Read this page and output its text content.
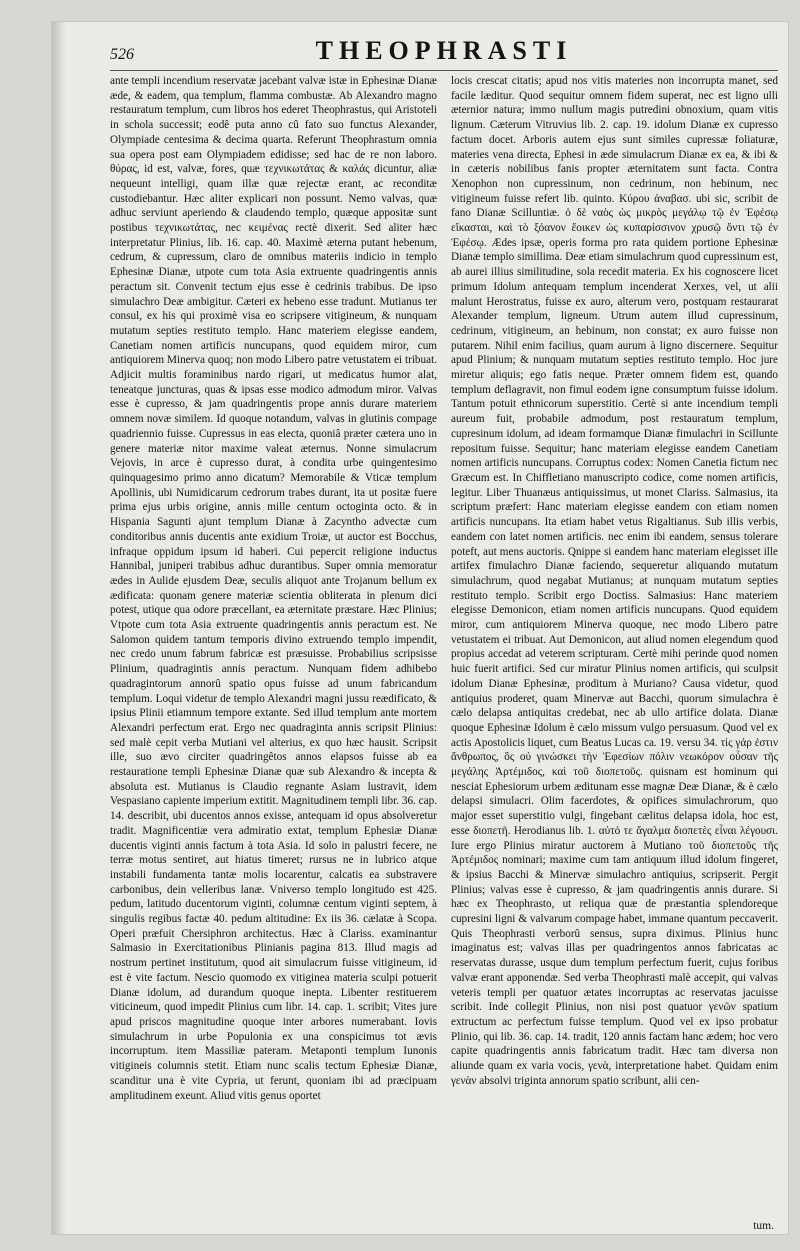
526	THEOPHRASTI

ante templi incendium reservatæ jacebant valvæ istæ in Ephesinæ Dianæ æde, & eadem, qua templum, flamma combustæ. Ab Alexandro magno restauratum templum, cum libros hos ederet Theophrastus, qui Aristoteli in schola successit; eodê puta anno cû fato suo functus Alexander, Olympiade centesima & decima quarta. Referunt Theophrastum omnia sua opera post eam Olympiadem edidisse; sed hac de re non laboro. θύρας, id est, valvæ, fores, quæ τεχνικωτάτας & καλάς dicuntur, aliæ nequeunt intelligi, quam illæ quæ rejectæ erant, ac reconditæ custodiebantur. Hæc aliter explicari non possunt. Nemo valvas, quæ adhuc serviunt aperiendo & claudendo templo, quæque appositæ sunt postibus τεχνικωτάτας, nec κειμένας rectè dixerit. Sed aliter hæc interpretatur Plinius, lib. 16. cap. 40. Maximè æterna putant hebenum, cedrum, & cupressum, claro de omnibus materiis indicio in templo Ephesinæ Dianæ, utpote cum tota Asia extruente quadringentis annis peractum sit. Convenit tectum ejus esse è cedrinis trabibus. De ipso simulachro Deæ ambigitur. Cæteri ex hebeno esse tradunt. Mutianus ter consul, ex his qui proximè visa eo scripsere vitigineum, & nunquam mutatum septies restituto templo. Hanc materiem elegisse eandem, Canetiam nomen artificis nuncupans, quod equidem miror, cum antiquiorem Minerva quoq; non modo Libero patre vetustatem ei tribuat. Adjicit multis foraminibus nardo rigari, ut medicatus humor alat, teneatque juncturas, quas & ipsas esse modico admodum miror. Valvas esse è cupresso, & jam quadringentis prope annis durare materiem omnem novæ similem. Id quoque notandum, valvas in glutinis compage quadriennio fuisse. Cupressus in eas electa, quoniâ præter cætera uno in genere materiæ nitor maxime valeat æternus. Nonne simulacrum Vejovis, in arce è cupresso durat, à condita urbe quingentesimo quinquagesimo primo anno dicatum? Memorabile & Vticæ templum Apollinis, ubi Numidicarum cedrorum trabes durant, ita ut positæ fuere prima ejus urbis origine, annis mille centum octoginta octo. & in Hispania Sagunti ajunt templum Dianæ à Zacyntho advectæ cum conditoribus annis ducentis ante exidium Troiæ, ut auctor est Bocchus, infraque oppidum ipsum id haberi. Cui pepercit religione inductus Hannibal, juniperi trabibus adhuc durantibus. Super omnia memoratur ædes in Aulide ejusdem Deæ, seculis aliquot ante Trojanum bellum ex ædificata: quonam genere materiæ scientia obliterata in plenum dici potest, utique qua odore præcellant, ea æternitate præstare. Hæc Plinius; Vtpote cum tota Asia extruente quadringentis annis peractum est. Ne Salomon quidem tantum temporis divino extruendo templo impendit, nec credo unum fabrum fabricæ est præsuisse. Probabilius scripsisse Plinium, quadragintis annis peractum. Nunquam fidem adhibebo quadragintorum annorû spatio opus fuisse ad unum fabricandum templum. Loqui videtur de templo Alexandri magni jussu reædificato, & ipsius Plinii etiamnum tempore extante. Sed illud templum ante mortem Alexandri perfectum erat. Ergo nec quadraginta annis scripsit Plinius: sed malè cepit verba Mutiani vel alterius, ex quo hæc hausit. Scripsit ille, suo ævo circiter quadringêtos annos elapsos fuisse ab ea restauratione templi Ephesinæ Dianæ quæ sub Alexandro & incepta & absoluta est. Mutianus is Claudio regnante Asiam lustravit, idem Vespasiano capiente imperium extitit. Magnitudinem templi libr. 36. cap. 14. describit, ubi ducentos annos exisse, antequam id opus absolveretur tradit. Magnificentiæ vera admiratio extat, templum Ephesiæ Dianæ ducentis viginti annis factum à tota Asia. Id solo in palustri fecere, ne terræ motus sentiret, aut hiatus timeret; rursus ne in lubrico atque instabili fundamenta tantæ molis locarentur, calcatis ea substravere carbonibus, dein velleribus lanæ. Vniverso templo longitudo est 425. pedum, latitudo ducentorum viginti, columnæ centum viginti septem, à singulis regibus factæ 40. pedum altitudine: Ex iis 36. cælatæ à Scopa. Operi præfuit Chersiphron architectus. Hæc à Clariss. examinantur Salmasio in Exercitationibus Plinianis pagina 813. Illud magis ad nostrum pertinet institutum, quod ait simulacrum fuisse vitigineum, id est è vite factum. Nescio quomodo ex vitiginea materia sculpi potuerit Dianæ idolum, ad durandum quoque inepta. Libenter restituerem viticineum, quod impedit Plinius cum libr. 14. cap. 1. scribit; Vites jure apud priscos magnitudine quoque inter arbores numerabant. Iovis simulachrum in urbe Populonia ex una conspicimus tot ævis incorruptum. item Massiliæ pateram. Metaponti templum Iunonis vitigineis columnis stetit. Etiam nunc scalis tectum Ephesiæ Dianæ, scanditur una è vite Cypria, ut ferunt, quoniam ibi ad præcipuam amplitudinem exeunt. Aliud vitis genus oportet

locis crescat citatis; apud nos vitis materies non incorrupta manet, sed facile læditur. Quod sequitur omnem fidem superat, nec est ligno ulli æternior natura; immo nullum magis putredini obnoxium, quam vitis lignum. Cæterum Vitruvius lib. 2. cap. 19. idolum Dianæ ex cupresso factum docet. Arboris autem ejus sunt similes cupressæ foliaturæ, materies vena directa, Ephesi in æde simulacrum Dianæ ex ea, & ibi & in cæteris nobilibus fanis propter æternitatem sunt facta. Contra Xenophon non cupressinum, non cedrinum, non hebinum, nec vitigineum fuisse refert lib. quinto. Κύρου ἀναβασ. ubi sic, scribit de fano Dianæ Scilluntiæ. ὁ δὲ ναὸς ὡς μικρὸς μεγάλῳ τῷ ἐν Ἐφέσῳ εἴκασται, καὶ τὸ ξόανον ἔοικεν ὡς κυπαρίσσινον χρυσῷ ὄντι τῷ ἐν Ἐφέσῳ. Ædes ipsæ, operis forma pro rata quidem portione Ephesinæ Dianæ templo simillima. Deæ etiam simulachrum quod cupressinum est, ab aurei illius similitudine, sola recedit materia. Ex his cognoscere licet primum Idolum antequam templum incenderat Xerxes, vel, ut alii malunt Herostratus, fuisse ex auro, alterum vero, postquam restaurarat Alexander templum, ligneum. Utrum autem illud cupressinum, cedrinum, vitigineum, an hebinum, non constat; ex auro fuisse non putarem. Nihil enim facilius, quam aurum à ligno discernere. Sequitur apud Plinium; & nunquam mutatum septies restituto templo. Hoc jure miretur aliquis; ego fatis neque. Præter omnem fidem est, quando templum deflagravit, non fimul eodem igne consumptum fuisse idolum. Tantum potuit ethnicorum superstitio. Certè si ante incendium templi aureum fuit, probabile admodum, post restauratum templum, cupresinum idolum, ad ideam formamque Dianæ fimulachri in Scillunte repositum fuisse. Sequitur; hanc materiam elegisse eandem Canetiam nomen artificis nuncupans. Corruptus codex: Nomen Canetia fictum nec Græcum est. In Chiffletiano manuscripto codice, come nomen artificis, legitur. Liber Thuanæus antiquissimus, ut monet Clariss. Salmasius, ita scriptum præfert: Hanc materiam elegisse eandem con etiam nomen artificis nuncupans. Ita etiam habet vetus Rigaltianus. Sub illis verbis, eandem con latet nomen artificis. nec enim ibi eandem, sensus tolerare poteft, aut mens auctoris. Qnippe si eandem hanc materiam elegisset ille artifex fimulachro Dianæ faciendo, sequeretur aliquando mutatum simulachrum, quod negabat Mutianus; at nunquam mutatum septies restituto templo. Scribit ergo Doctiss. Salmasius: Hanc materiem elegisse Demonicon, etiam nomen artificis nuncupans. Quod equidem miror, cum antiquiorem Minerva quoque, nec modo Libero patre vetustatem ei tribuat. Aut Demonicon, aut aliud nomen elegendum quod propius accedat ad veterem scripturam. Certè mihi perinde quod nomen huic fuerit artifici. Sed cur miratur Plinius nomen artificis, qui sculpsit idolum Dianæ Ephesinæ, proditum à Muriano? Causa videtur, quod antiquius proderet, quam Minervæ aut Bacchi, quorum simulachra è cælo delapsa antiquitas credebat, nec ab ullo artifice dolata. Dianæ quoque Ephesinæ Idolum è cælo missum vulgo persuasum. Quod vel ex actis Apostolicis liquet, cum Beatus Lucas ca. 19. versu 34. τίς γάρ ἐστιν ἄνθρωπος, ὃς οὐ γινώσκει τὴν Ἐφεσίων πόλιν νεωκόρον οὖσαν τῆς μεγάλης Ἀρτέμιδος, καὶ τοῦ διοπετοῦς. quisnam est hominum qui nesciat Ephesiorum urbem æditunam esse magnæ Deæ Dianæ, & è cælo delapsi simulacri. Olim facerdotes, & opifices simulachrorum, quo major esset superstitio vulgi, fingebant cælitus delapsa idola, hoc est, esse διοπετῆ. Herodianus lib. 1. αὐτό τε ἄγαλμα διοπετὲς εἶναι λέγουσι. Iure ergo Plinius miratur auctorem à Mutiano τοῦ διοπετοῦς τῆς Ἀρτέμιδος nominari; maxime cum tam antiquum illud idolum fingeret, & ipsius Bacchi & Minervæ simulachro antiquius, scripserit. Pergit Plinius; valvas esse è cupresso, & jam quadringentis annis durare. Si hæc ex Theophrasto, ut reliqua quæ de præstantia splendoreque cupresini ligni & valvarum compage habet, immane quantum peccaverit. Quis Theophrasti verborû sensus, supra diximus. Plinius hunc imaginatus est; valvas illas per quadringentos annos fabricatas ac reservatas durasse, usque dum templum perfectum fuerit, cujus foribus valvæ erant apponendæ. Sed verba Theophrasti malè accepit, qui valvas veteris templi per quatuor ætates incorruptas ac reservatas jacuisse scribit. Inde collegit Plinius, non nisi post quatuor γενῶν spatium extructum ac perfectum fuisse templum. Quod vel ex ipso probatur Plinio, qui lib. 36. cap. 14. tradit, 120 annis factam hanc ædem; hoc vero capite quadringentis annis fabricatum tradit. Hæc tam diversa non aliunde quam ex varia vocis, γενὰ, interpretatione habet. Quidam enim γενὰν absolvi triginta annorum spatio scribunt, alii cen-

tum.
